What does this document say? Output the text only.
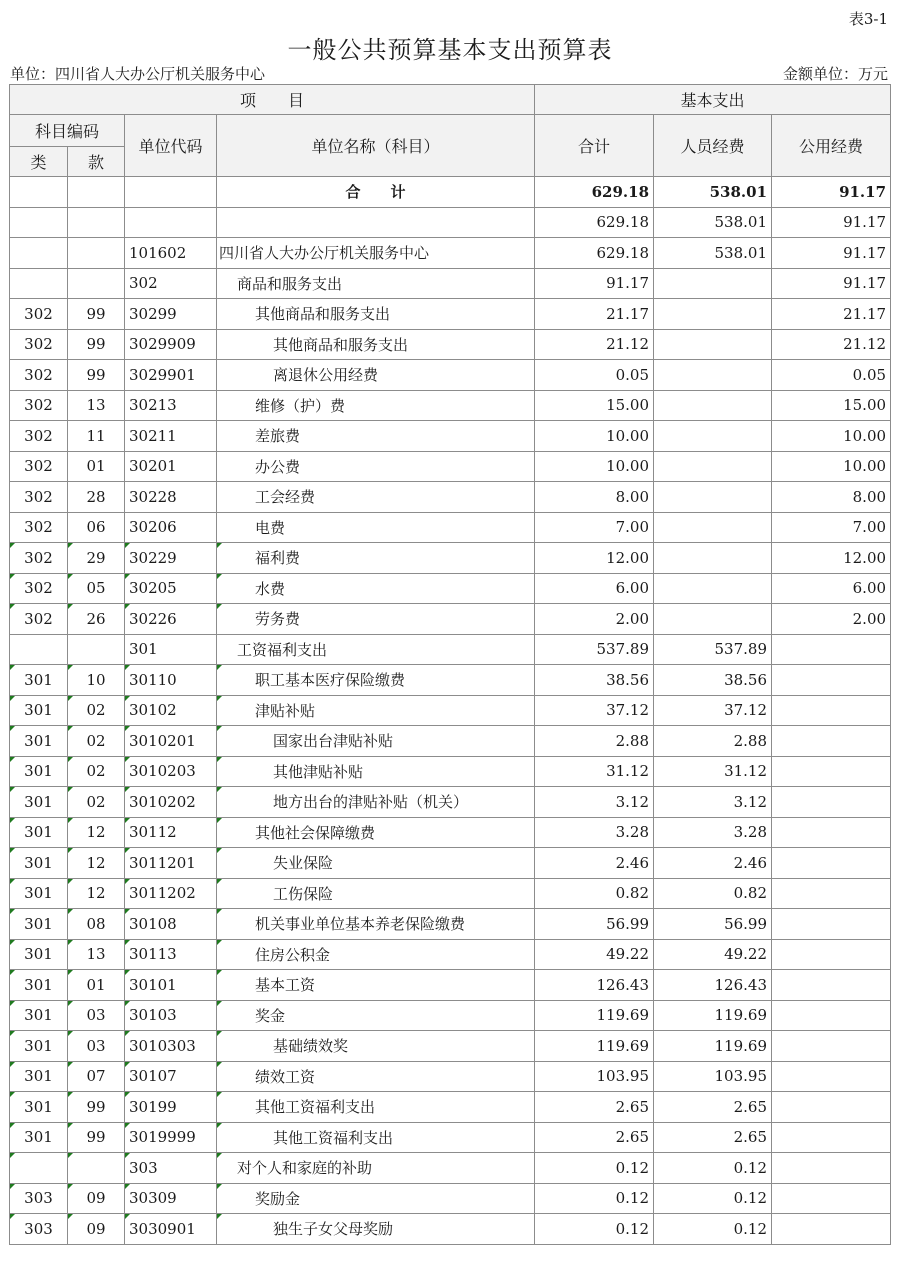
表3-1
一般公共预算基本支出预算表
单位：四川省人大办公厅机关服务中心	金额单位：万元
项　　目				基本支出		
科目编码		单位代码	单位名称（科目）	合计	人员经费	公用经费
类	款					
			合　　计	629.18	538.01	91.17
				629.18	538.01	91.17
		101602	四川省人大办公厅机关服务中心	629.18	538.01	91.17
		302	商品和服务支出	91.17		91.17
302	99	30299	其他商品和服务支出	21.17		21.17
302	99	3029909	其他商品和服务支出	21.12		21.12
302	99	3029901	离退休公用经费	0.05		0.05
302	13	30213	维修（护）费	15.00		15.00
302	11	30211	差旅费	10.00		10.00
302	01	30201	办公费	10.00		10.00
302	28	30228	工会经费	8.00		8.00
302	06	30206	电费	7.00		7.00
302	29	30229	福利费	12.00		12.00
302	05	30205	水费	6.00		6.00
302	26	30226	劳务费	2.00		2.00
		301	工资福利支出	537.89	537.89	
301	10	30110	职工基本医疗保险缴费	38.56	38.56	
301	02	30102	津贴补贴	37.12	37.12	
301	02	3010201	国家出台津贴补贴	2.88	2.88	
301	02	3010203	其他津贴补贴	31.12	31.12	
301	02	3010202	地方出台的津贴补贴（机关）	3.12	3.12	
301	12	30112	其他社会保障缴费	3.28	3.28	
301	12	3011201	失业保险	2.46	2.46	
301	12	3011202	工伤保险	0.82	0.82	
301	08	30108	机关事业单位基本养老保险缴费	56.99	56.99	
301	13	30113	住房公积金	49.22	49.22	
301	01	30101	基本工资	126.43	126.43	
301	03	30103	奖金	119.69	119.69	
301	03	3010303	基础绩效奖	119.69	119.69	
301	07	30107	绩效工资	103.95	103.95	
301	99	30199	其他工资福利支出	2.65	2.65	
301	99	3019999	其他工资福利支出	2.65	2.65	
		303	对个人和家庭的补助	0.12	0.12	
303	09	30309	奖励金	0.12	0.12	
303	09	3030901	独生子女父母奖励	0.12	0.12	
